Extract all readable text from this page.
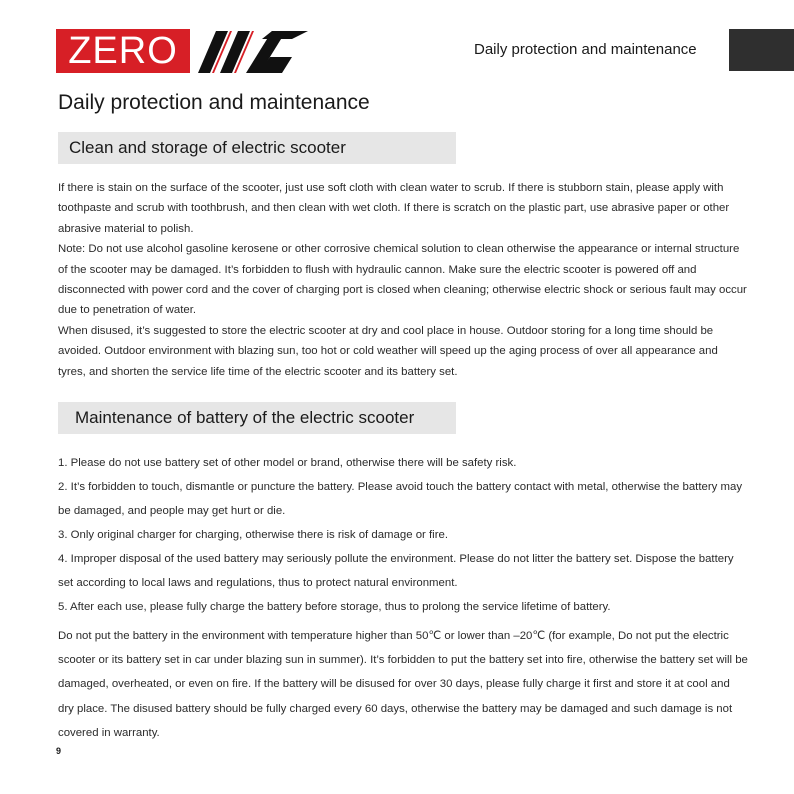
ZERO	Daily protection and maintenance
Daily protection and maintenance
Clean and storage of electric scooter

If there is stain on the surface of the scooter, just use soft cloth with clean water to scrub. If there is stubborn stain, please apply with toothpaste and scrub with toothbrush, and then clean with wet cloth. If there is scratch on the plastic part, use abrasive paper or other abrasive material to polish.

Note: Do not use alcohol gasoline kerosene or other corrosive chemical solution to clean otherwise the appearance or internal structure of the scooter may be damaged. It’s forbidden to flush with hydraulic cannon. Make sure the electric scooter is powered off and disconnected with power cord and the cover of charging port is closed when cleaning; otherwise electric shock or serious fault may occur due to penetration of water.

When disused, it’s suggested to store the electric scooter at dry and cool place in house. Outdoor storing for a long time should be avoided. Outdoor environment with blazing sun, too hot or cold weather will speed up the aging process of over all appearance and tyres, and shorten the service life time of the electric scooter and its battery set.

Maintenance of battery of the electric scooter

1. Please do not use battery set of other model or brand, otherwise there will be safety risk.

2. It’s forbidden to touch, dismantle or puncture the battery. Please avoid touch the battery contact with metal, otherwise the battery may be damaged, and people may get hurt or die.

3. Only original charger for charging, otherwise there is risk of damage or fire.

4. Improper disposal of the used battery may seriously pollute the environment. Please do not litter the battery set. Dispose the battery set according to local laws and regulations, thus to protect natural environment.

5. After each use, please fully charge the battery before storage, thus to prolong the service lifetime of battery.

Do not put the battery in the environment with temperature higher than 50℃ or lower than –20℃ (for example, Do not put the electric scooter or its battery set in car under blazing sun in summer). It’s forbidden to put the battery set into fire, otherwise the battery set will be damaged, overheated, or even on fire. If the battery will be disused for over 30 days, please fully charge it first and store it at cool and dry place. The disused battery should be fully charged every 60 days, otherwise the battery may be damaged and such damage is not covered in warranty.

9
